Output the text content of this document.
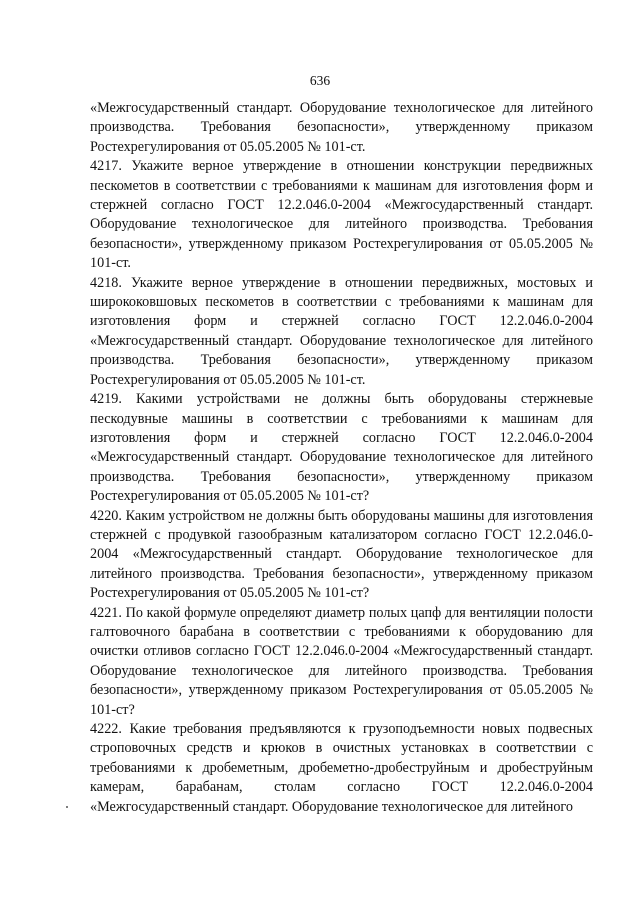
636

«Межгосударственный стандарт. Оборудование технологическое для литейного производства. Требования безопасности», утвержденному приказом Ростехрегулирования от 05.05.2005 № 101-ст.

4217. Укажите верное утверждение в отношении конструкции передвижных пескометов в соответствии с требованиями к машинам для изготовления форм и стержней согласно ГОСТ 12.2.046.0-2004 «Межгосударственный стандарт. Оборудование технологическое для литейного производства. Требования безопасности», утвержденному приказом Ростехрегулирования от 05.05.2005 № 101-ст.

4218. Укажите верное утверждение в отношении передвижных, мостовых и ширококовшовых пескометов в соответствии с требованиями к машинам для изготовления форм и стержней согласно ГОСТ 12.2.046.0-2004 «Межгосударственный стандарт. Оборудование технологическое для литейного производства. Требования безопасности», утвержденному приказом Ростехрегулирования от 05.05.2005 № 101-ст.

4219. Какими устройствами не должны быть оборудованы стержневые пескодувные машины в соответствии с требованиями к машинам для изготовления форм и стержней согласно ГОСТ 12.2.046.0-2004 «Межгосударственный стандарт. Оборудование технологическое для литейного производства. Требования безопасности», утвержденному приказом Ростехрегулирования от 05.05.2005 № 101-ст?

4220. Каким устройством не должны быть оборудованы машины для изготовления стержней с продувкой газообразным катализатором согласно ГОСТ 12.2.046.0-2004 «Межгосударственный стандарт. Оборудование технологическое для литейного производства. Требования безопасности», утвержденному приказом Ростехрегулирования от 05.05.2005 № 101-ст?

4221. По какой формуле определяют диаметр полых цапф для вентиляции полости галтовочного барабана в соответствии с требованиями к оборудованию для очистки отливов согласно ГОСТ 12.2.046.0-2004 «Межгосударственный стандарт. Оборудование технологическое для литейного производства. Требования безопасности», утвержденному приказом Ростехрегулирования от 05.05.2005 № 101-ст?

4222. Какие требования предъявляются к грузоподъемности новых подвесных строповочных средств и крюков в очистных установках в соответствии с требованиями к дробеметным, дробеметно-дробеструйным и дробеструйным камерам, барабанам, столам согласно ГОСТ 12.2.046.0-2004 «Межгосударственный стандарт. Оборудование технологическое для литейного
